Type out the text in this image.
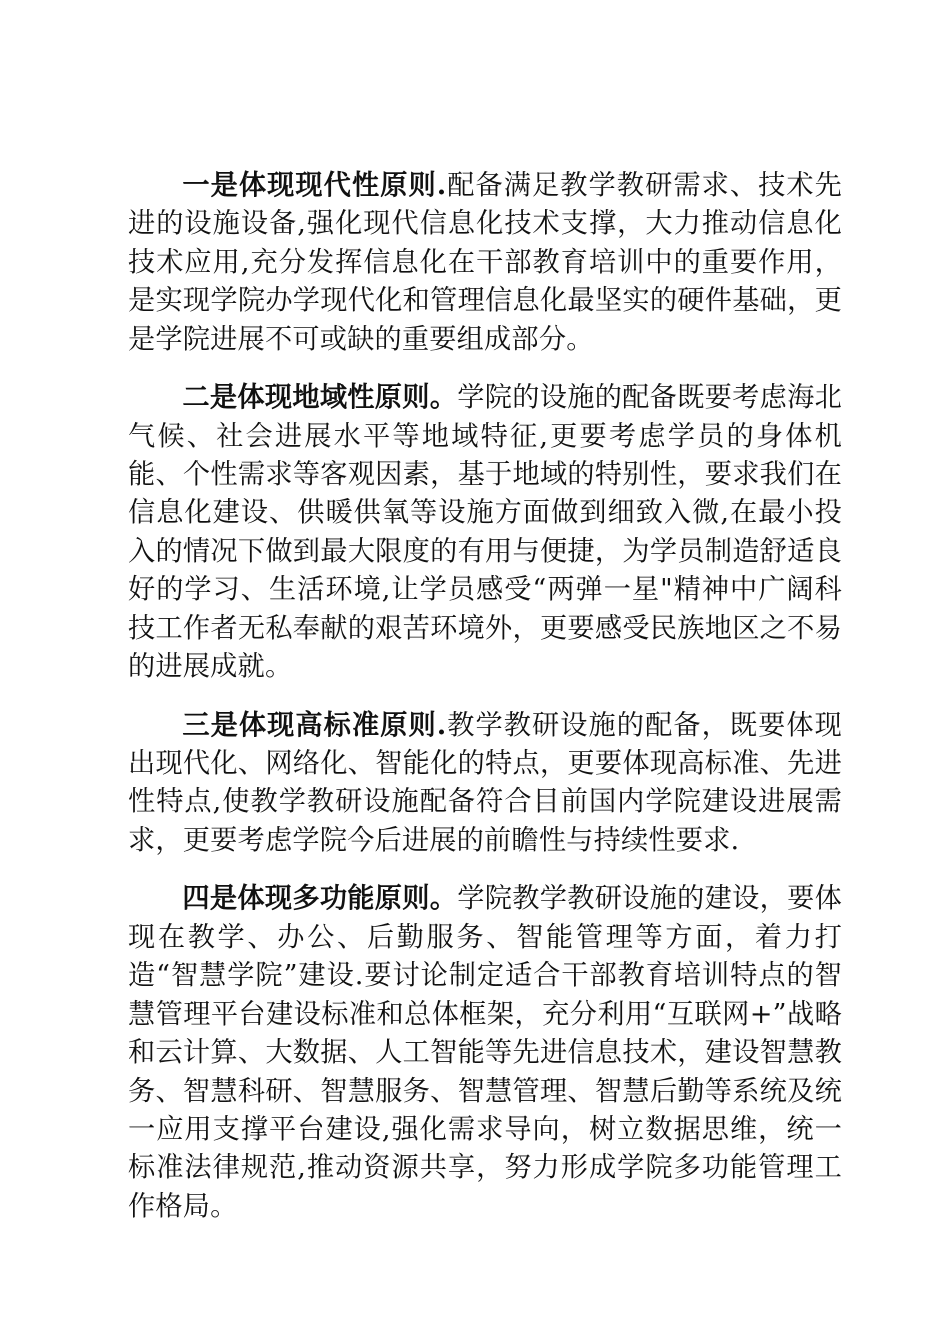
一是体现现代性原则.配备满足教学教研需求、技术先进的设施设备,强化现代信息化技术支撑，大力推动信息化技术应用,充分发挥信息化在干部教育培训中的重要作用，是实现学院办学现代化和管理信息化最坚实的硬件基础，更是学院进展不可或缺的重要组成部分。

二是体现地域性原则。学院的设施的配备既要考虑海北气候、社会进展水平等地域特征,更要考虑学员的身体机能、个性需求等客观因素，基于地域的特别性，要求我们在信息化建设、供暖供氧等设施方面做到细致入微,在最小投入的情况下做到最大限度的有用与便捷，为学员制造舒适良好的学习、生活环境,让学员感受“两弹一星"精神中广阔科技工作者无私奉献的艰苦环境外，更要感受民族地区之不易的进展成就。

三是体现高标准原则.教学教研设施的配备，既要体现出现代化、网络化、智能化的特点，更要体现高标准、先进性特点,使教学教研设施配备符合目前国内学院建设进展需求，更要考虑学院今后进展的前瞻性与持续性要求.

四是体现多功能原则。学院教学教研设施的建设，要体现在教学、办公、后勤服务、智能管理等方面，着力打造“智慧学院”建设.要讨论制定适合干部教育培训特点的智慧管理平台建设标准和总体框架，充分利用“互联网+”战略和云计算、大数据、人工智能等先进信息技术，建设智慧教务、智慧科研、智慧服务、智慧管理、智慧后勤等系统及统一应用支撑平台建设,强化需求导向，树立数据思维，统一标准法律规范,推动资源共享，努力形成学院多功能管理工作格局。
